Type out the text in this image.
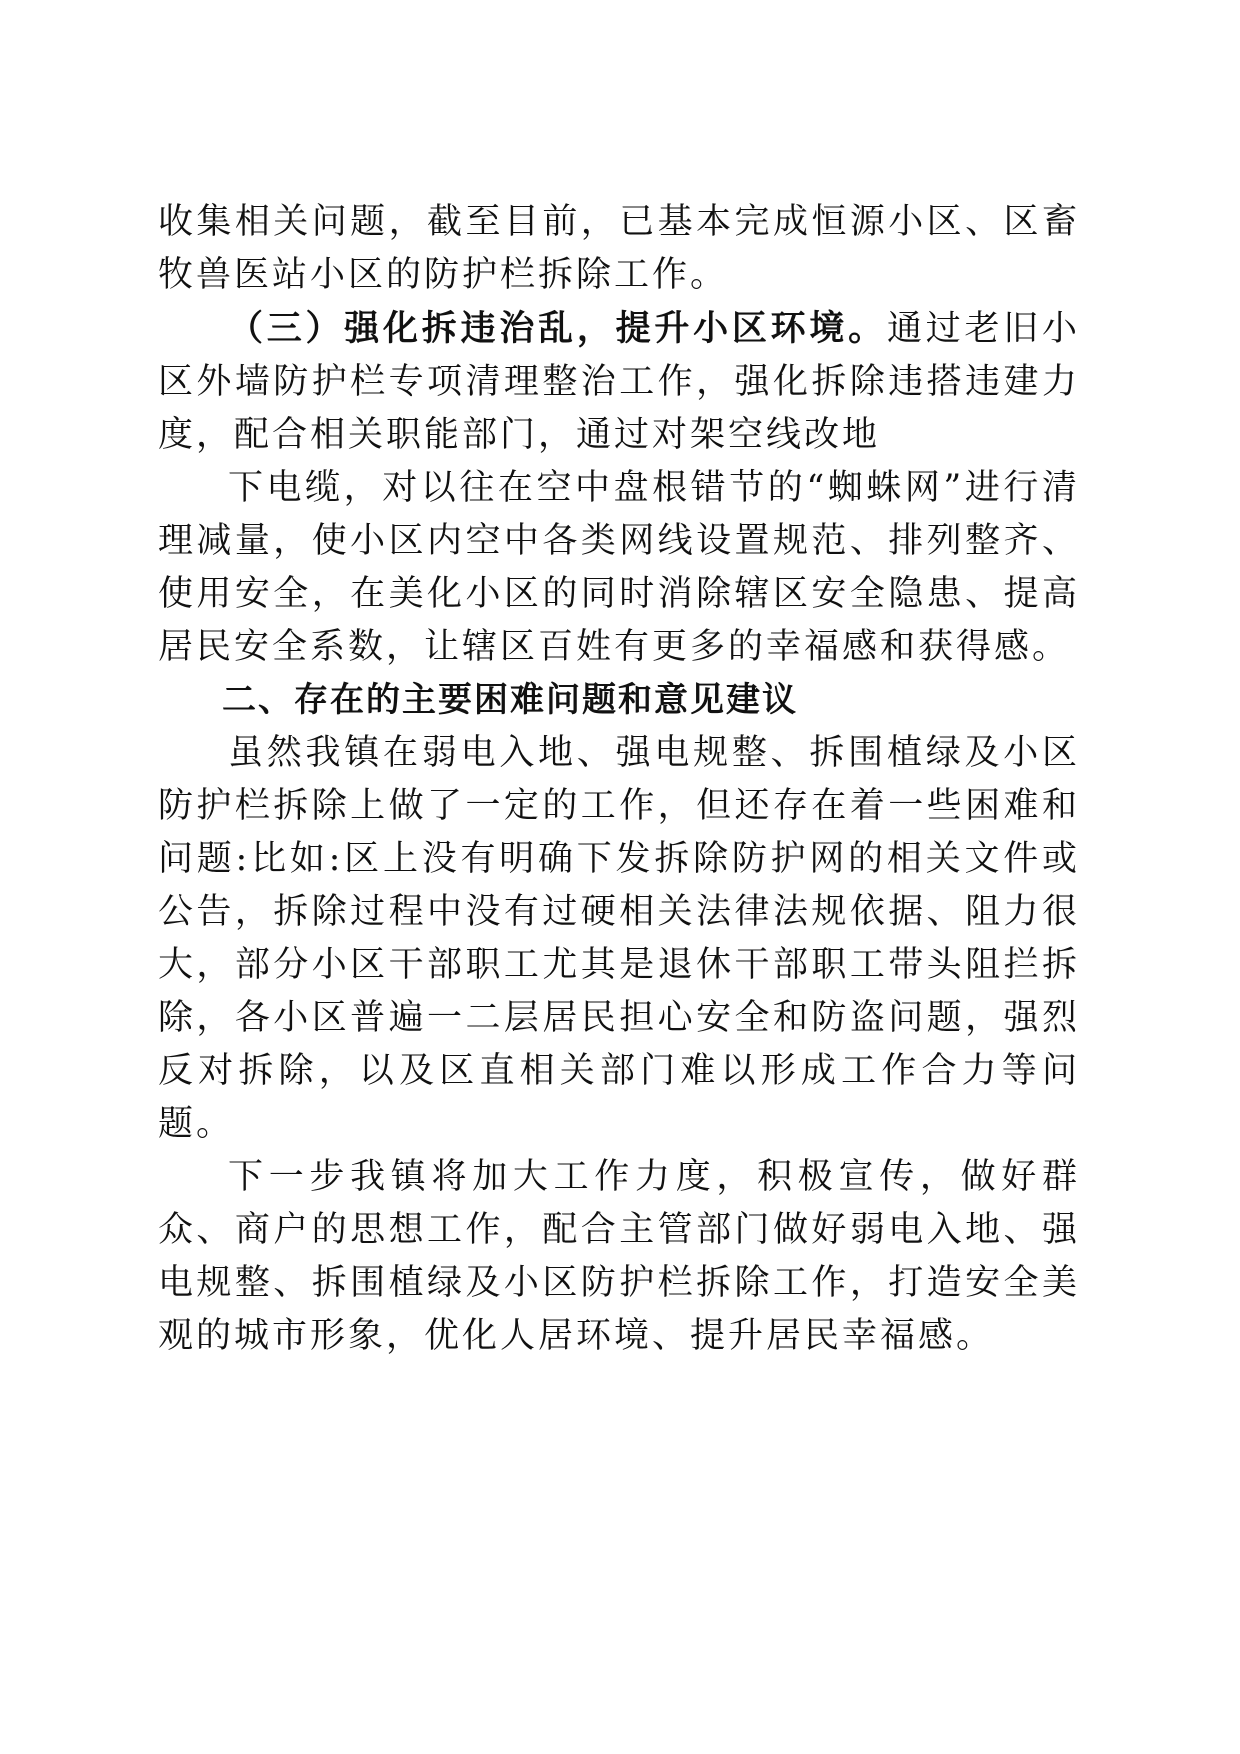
收集相关问题，截至目前，已基本完成恒源小区、区畜牧兽医站小区的防护栏拆除工作。

（三）强化拆违治乱，提升小区环境。通过老旧小区外墙防护栏专项清理整治工作，强化拆除违搭违建力度，配合相关职能部门，通过对架空线改地

下电缆，对以往在空中盘根错节的“蜘蛛网”进行清理减量，使小区内空中各类网线设置规范、排列整齐、使用安全，在美化小区的同时消除辖区安全隐患、提高居民安全系数，让辖区百姓有更多的幸福感和获得感。

二、存在的主要困难问题和意见建议

虽然我镇在弱电入地、强电规整、拆围植绿及小区防护栏拆除上做了一定的工作，但还存在着一些困难和问题:比如:区上没有明确下发拆除防护网的相关文件或公告，拆除过程中没有过硬相关法律法规依据、阻力很大，部分小区干部职工尤其是退休干部职工带头阻拦拆除，各小区普遍一二层居民担心安全和防盗问题，强烈反对拆除，以及区直相关部门难以形成工作合力等问题。

下一步我镇将加大工作力度，积极宣传，做好群众、商户的思想工作，配合主管部门做好弱电入地、强电规整、拆围植绿及小区防护栏拆除工作，打造安全美观的城市形象，优化人居环境、提升居民幸福感。
